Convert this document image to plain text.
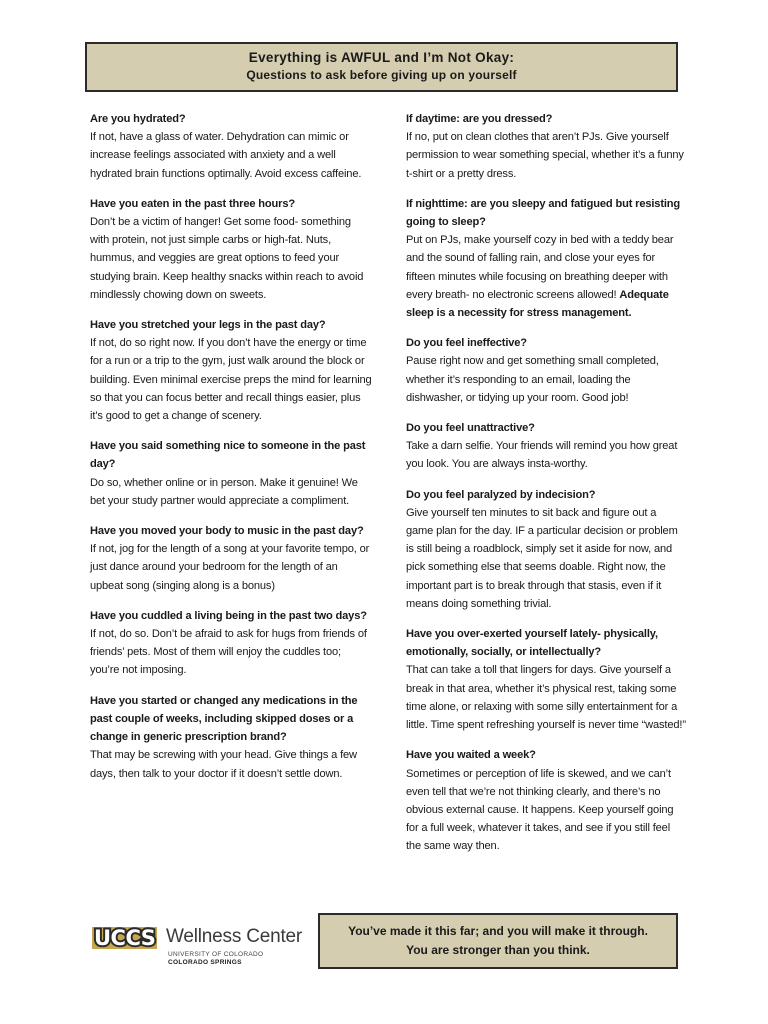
Everything is AWFUL and I’m Not Okay:
Questions to ask before giving up on yourself
Are you hydrated?
If not, have a glass of water. Dehydration can mimic or increase feelings associated with anxiety and a well hydrated brain functions optimally. Avoid excess caffeine.
Have you eaten in the past three hours?
Don’t be a victim of hanger! Get some food- something with protein, not just simple carbs or high-fat. Nuts, hummus, and veggies are great options to feed your studying brain. Keep healthy snacks within reach to avoid mindlessly chowing down on sweets.
Have you stretched your legs in the past day?
If not, do so right now. If you don’t have the energy or time for a run or a trip to the gym, just walk around the block or building. Even minimal exercise preps the mind for learning so that you can focus better and recall things easier, plus it’s good to get a change of scenery.
Have you said something nice to someone in the past day?
Do so, whether online or in person. Make it genuine! We bet your study partner would appreciate a compliment.
Have you moved your body to music in the past day?
If not, jog for the length of a song at your favorite tempo, or just dance around your bedroom for the length of an upbeat song (singing along is a bonus)
Have you cuddled a living being in the past two days?
If not, do so. Don’t be afraid to ask for hugs from friends of friends’ pets. Most of them will enjoy the cuddles too; you’re not imposing.
Have you started or changed any medications in the past couple of weeks, including skipped doses or a change in generic prescription brand?
That may be screwing with your head. Give things a few days, then talk to your doctor if it doesn’t settle down.
If daytime: are you dressed?
If no, put on clean clothes that aren’t PJs. Give yourself permission to wear something special, whether it’s a funny t-shirt or a pretty dress.
If nighttime: are you sleepy and fatigued but resisting going to sleep?
Put on PJs, make yourself cozy in bed with a teddy bear and the sound of falling rain, and close your eyes for fifteen minutes while focusing on breathing deeper with every breath- no electronic screens allowed! Adequate sleep is a necessity for stress management.
Do you feel ineffective?
Pause right now and get something small completed, whether it’s responding to an email, loading the dishwasher, or tidying up your room. Good job!
Do you feel unattractive?
Take a darn selfie. Your friends will remind you how great you look. You are always insta-worthy.
Do you feel paralyzed by indecision?
Give yourself ten minutes to sit back and figure out a game plan for the day. IF a particular decision or problem is still being a roadblock, simply set it aside for now, and pick something else that seems doable. Right now, the important part is to break through that stasis, even if it means doing something trivial.
Have you over-exerted yourself lately- physically, emotionally, socially, or intellectually?
That can take a toll that lingers for days. Give yourself a break in that area, whether it’s physical rest, taking some time alone, or relaxing with some silly entertainment for a little. Time spent refreshing yourself is never time “wasted!”
Have you waited a week?
Sometimes or perception of life is skewed, and we can’t even tell that we’re not thinking clearly, and there’s no obvious external cause. It happens. Keep yourself going for a full week, whatever it takes, and see if you still feel the same way then.
UCCS Wellness Center
UNIVERSITY OF COLORADO
COLORADO SPRINGS
You’ve made it this far; and you will make it through.
You are stronger than you think.
